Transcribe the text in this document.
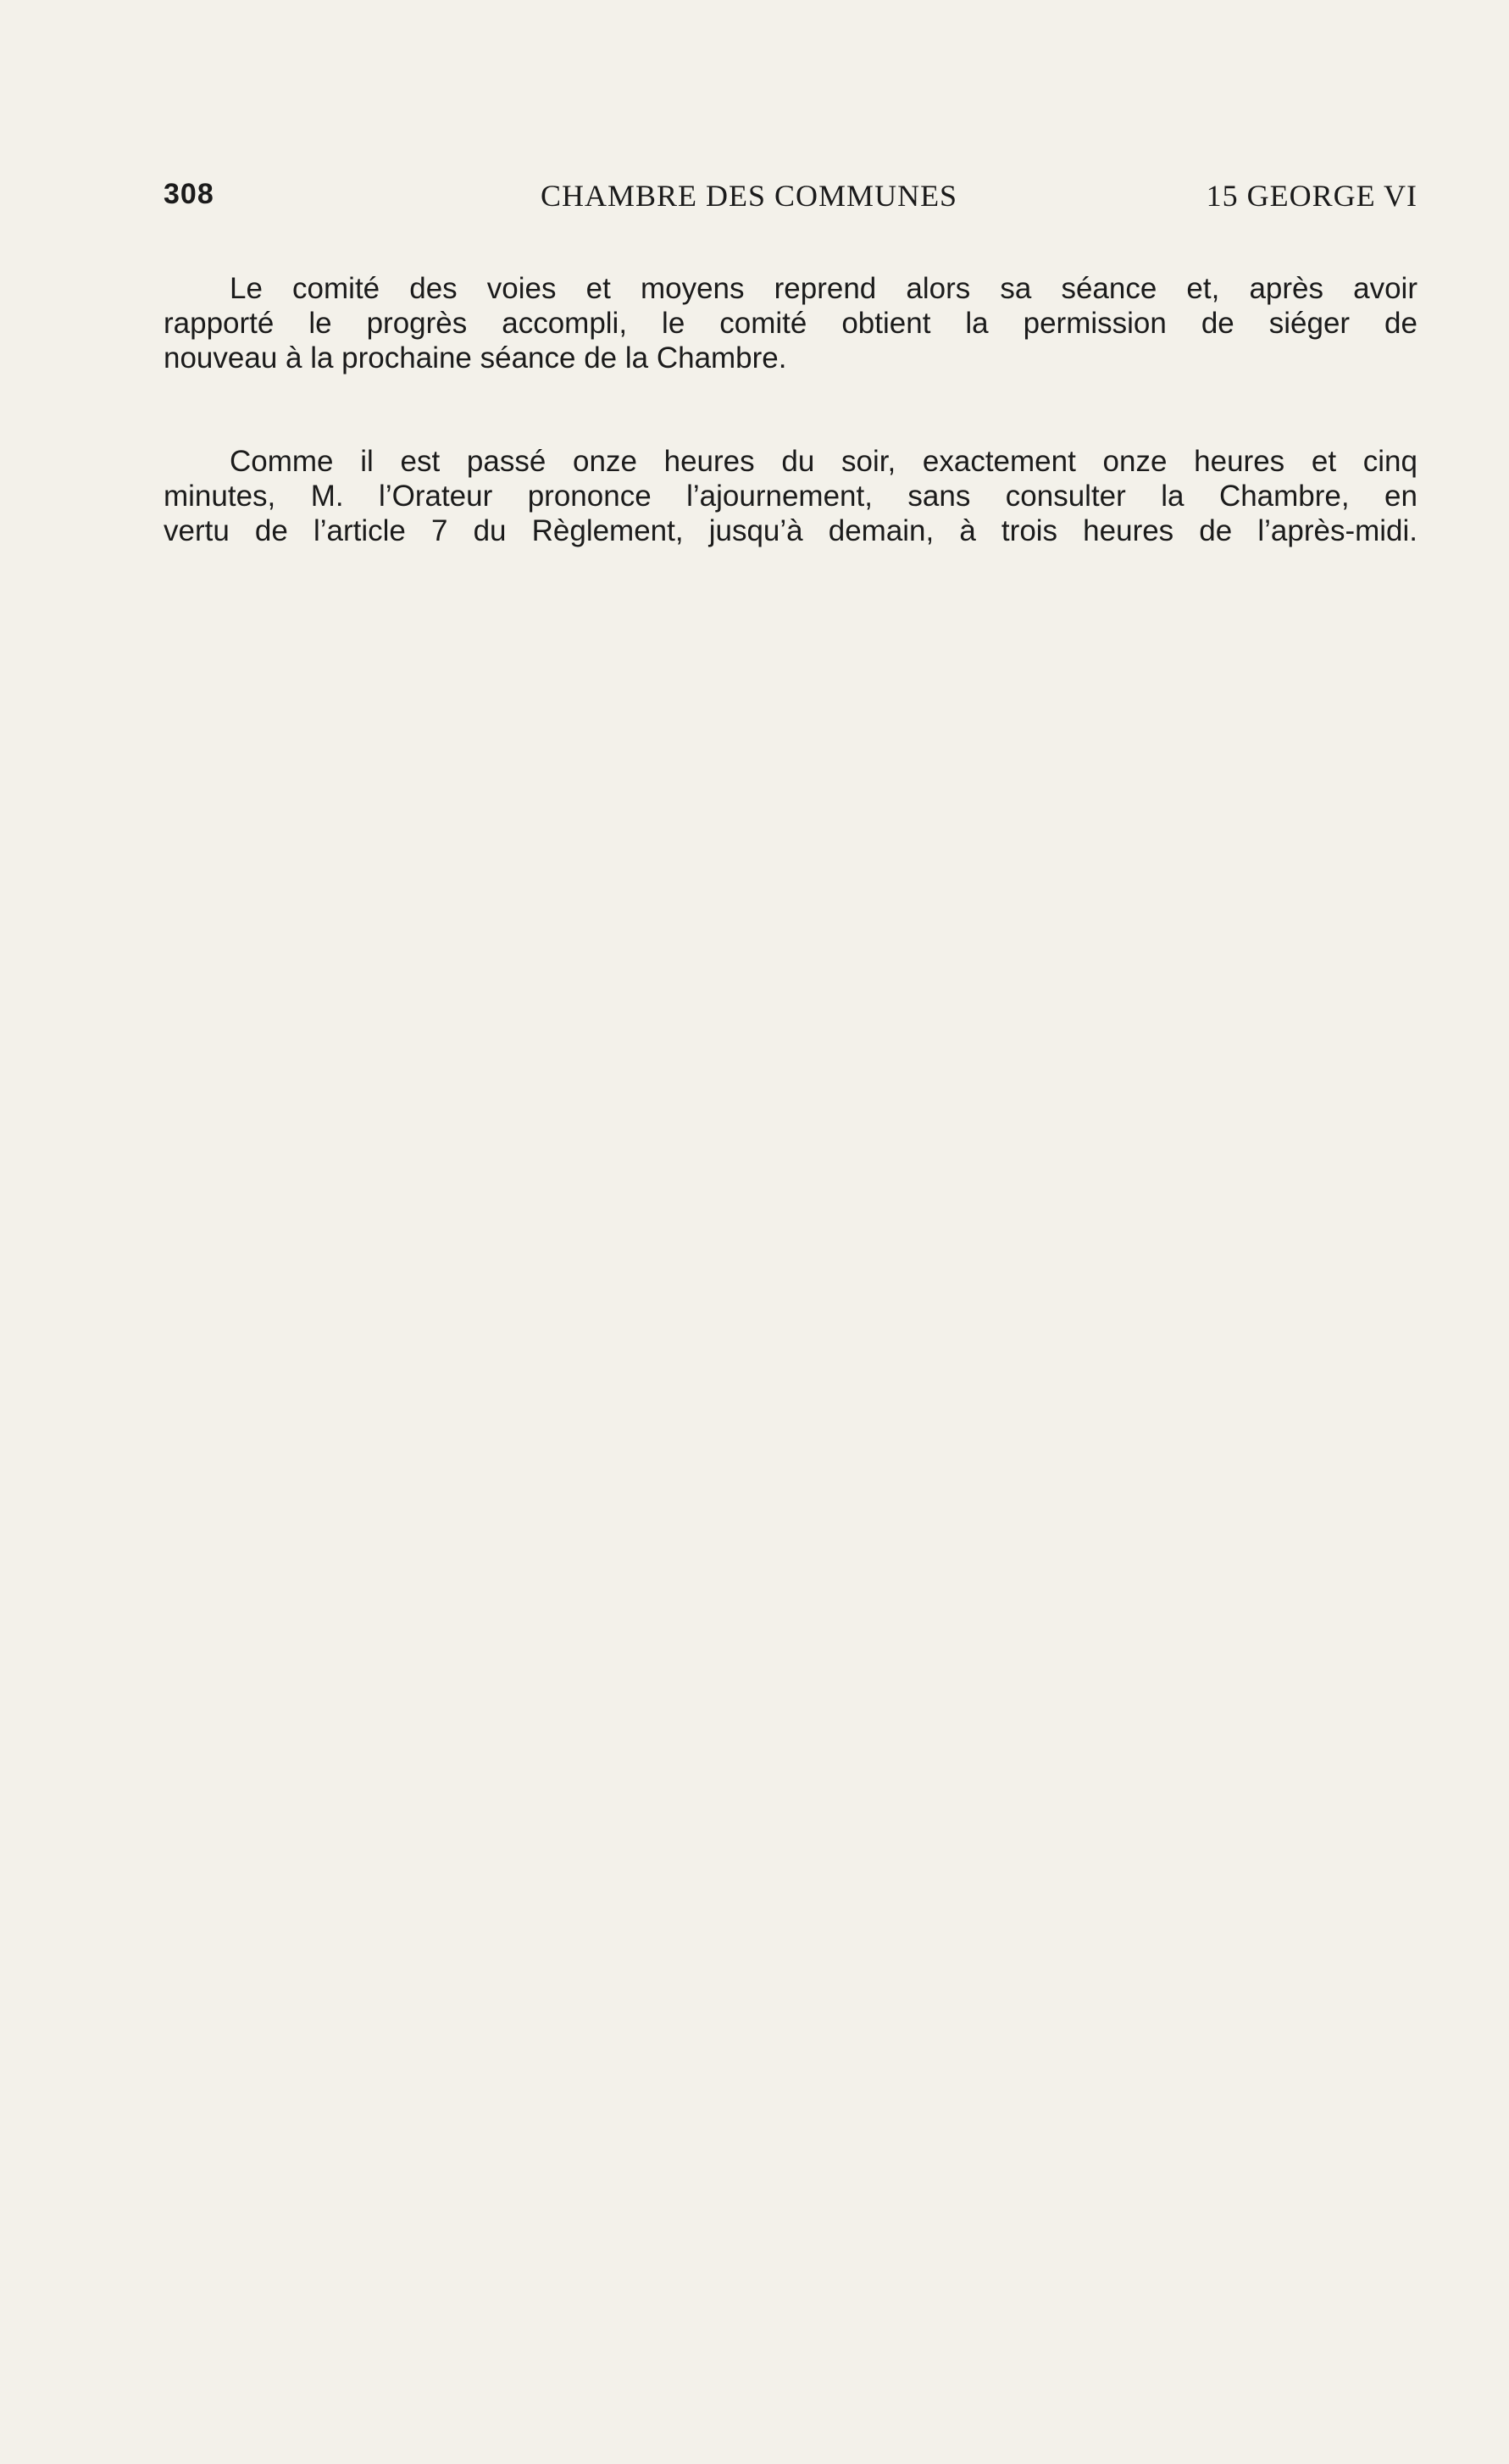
308	CHAMBRE DES COMMUNES	15 GEORGE VI

Le comité des voies et moyens reprend alors sa séance et, après avoir
rapporté le progrès accompli, le comité obtient la permission de siéger de
nouveau à la prochaine séance de la Chambre.

Comme il est passé onze heures du soir, exactement onze heures et cinq
minutes, M. l’Orateur prononce l’ajournement, sans consulter la Chambre, en
vertu de l’article 7 du Règlement, jusqu’à demain, à trois heures de l’après-midi.
